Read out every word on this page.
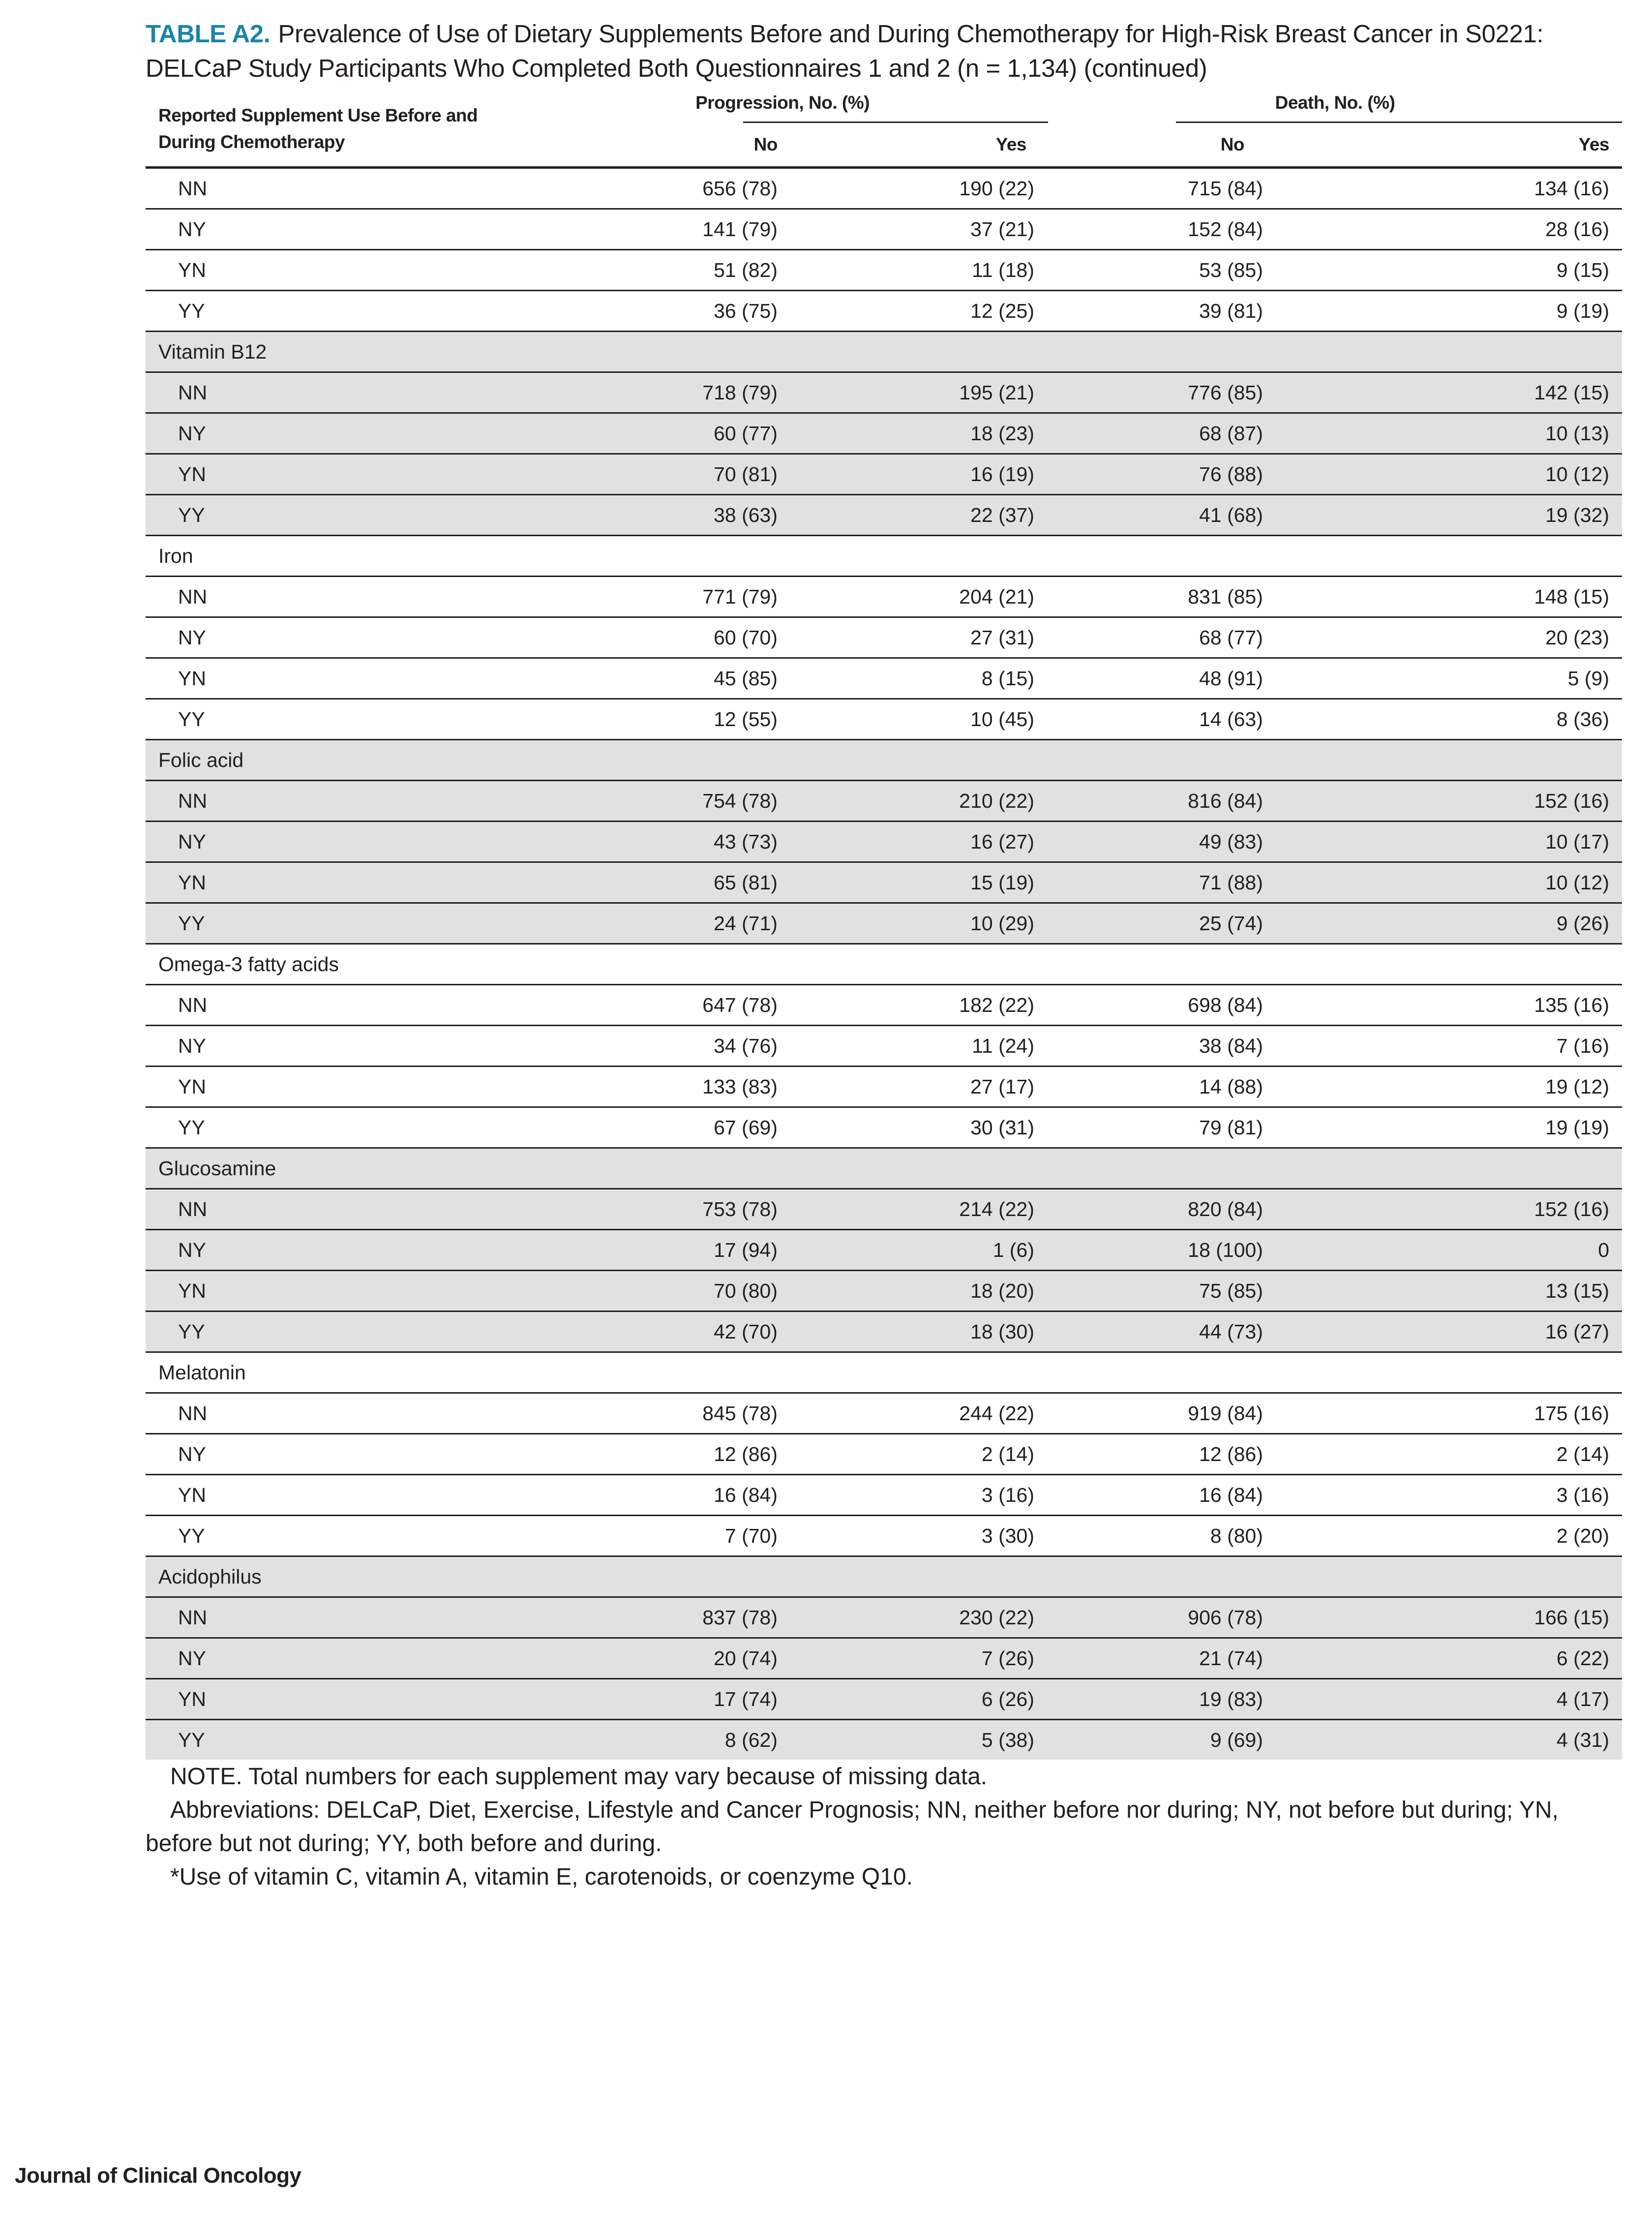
TABLE A2. Prevalence of Use of Dietary Supplements Before and During Chemotherapy for High-Risk Breast Cancer in S0221: DELCaP Study Participants Who Completed Both Questionnaires 1 and 2 (n = 1,134) (continued)
Reported Supplement Use Before and During Chemotherapy	Progression, No. (%)		Death, No. (%)	

	No	Yes	No	Yes
NN	656 (78)	190 (22)	715 (84)	134 (16)
NY	141 (79)	37 (21)	152 (84)	28 (16)
YN	51 (82)	11 (18)	53 (85)	9 (15)
YY	36 (75)	12 (25)	39 (81)	9 (19)
Vitamin B12				
NN	718 (79)	195 (21)	776 (85)	142 (15)
NY	60 (77)	18 (23)	68 (87)	10 (13)
YN	70 (81)	16 (19)	76 (88)	10 (12)
YY	38 (63)	22 (37)	41 (68)	19 (32)
Iron				
NN	771 (79)	204 (21)	831 (85)	148 (15)
NY	60 (70)	27 (31)	68 (77)	20 (23)
YN	45 (85)	8 (15)	48 (91)	5 (9)
YY	12 (55)	10 (45)	14 (63)	8 (36)
Folic acid				
NN	754 (78)	210 (22)	816 (84)	152 (16)
NY	43 (73)	16 (27)	49 (83)	10 (17)
YN	65 (81)	15 (19)	71 (88)	10 (12)
YY	24 (71)	10 (29)	25 (74)	9 (26)
Omega-3 fatty acids				
NN	647 (78)	182 (22)	698 (84)	135 (16)
NY	34 (76)	11 (24)	38 (84)	7 (16)
YN	133 (83)	27 (17)	14 (88)	19 (12)
YY	67 (69)	30 (31)	79 (81)	19 (19)
Glucosamine				
NN	753 (78)	214 (22)	820 (84)	152 (16)
NY	17 (94)	1 (6)	18 (100)	0
YN	70 (80)	18 (20)	75 (85)	13 (15)
YY	42 (70)	18 (30)	44 (73)	16 (27)
Melatonin				
NN	845 (78)	244 (22)	919 (84)	175 (16)
NY	12 (86)	2 (14)	12 (86)	2 (14)
YN	16 (84)	3 (16)	16 (84)	3 (16)
YY	7 (70)	3 (30)	8 (80)	2 (20)
Acidophilus				
NN	837 (78)	230 (22)	906 (78)	166 (15)
NY	20 (74)	7 (26)	21 (74)	6 (22)
YN	17 (74)	6 (26)	19 (83)	4 (17)
YY	8 (62)	5 (38)	9 (69)	4 (31)

NOTE. Total numbers for each supplement may vary because of missing data.

Abbreviations: DELCaP, Diet, Exercise, Lifestyle and Cancer Prognosis; NN, neither before nor during; NY, not before but during; YN, before but not during; YY, both before and during.

*Use of vitamin C, vitamin A, vitamin E, carotenoids, or coenzyme Q10.

Journal of Clinical Oncology
